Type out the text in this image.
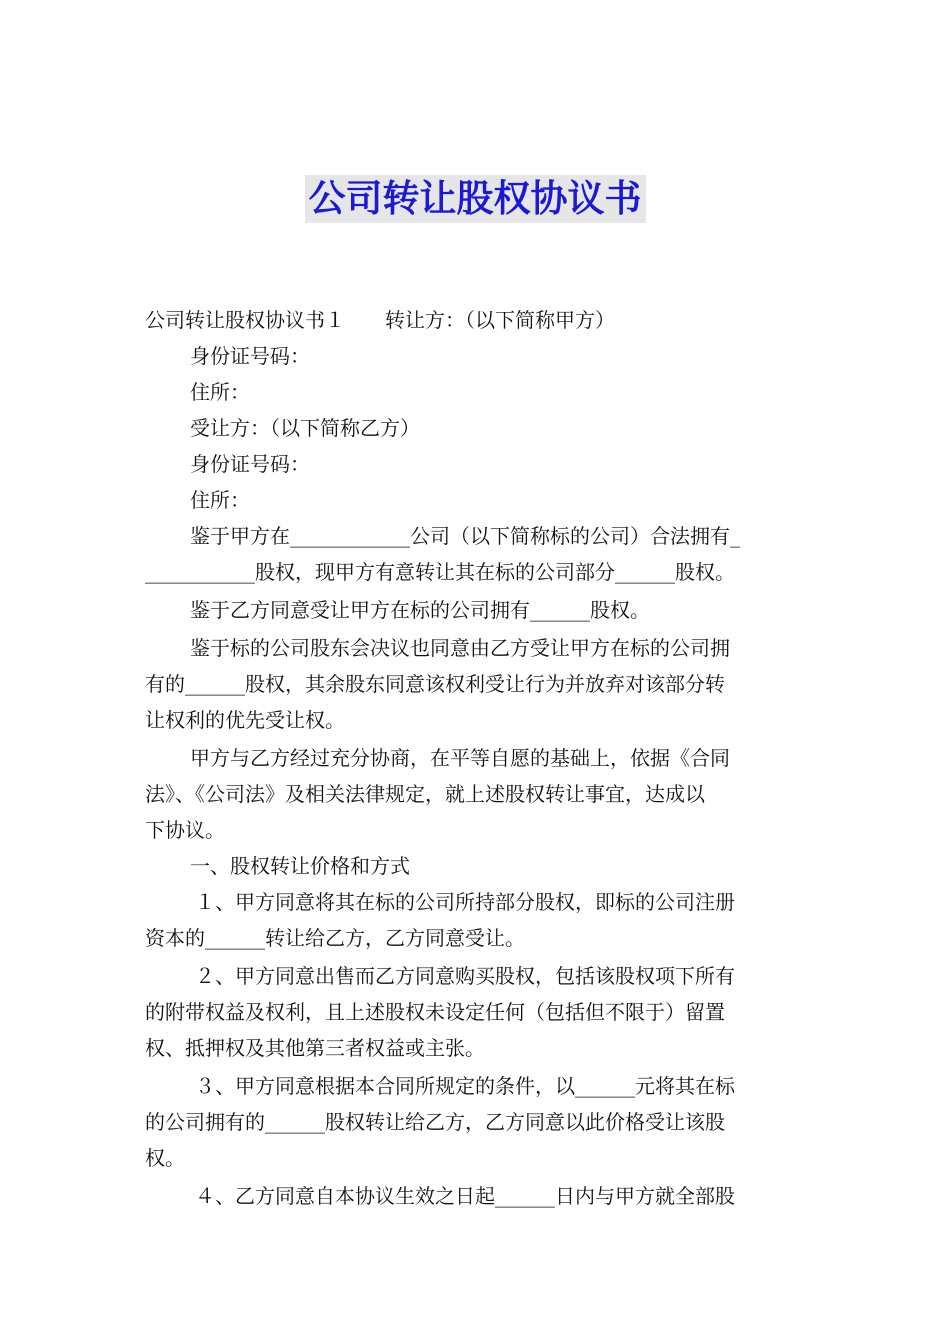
公司转让股权协议书
公司转让股权协议书１　　转让方：（以下简称甲方）
身份证号码：
住所：
受让方：（以下简称乙方）
身份证号码：
住所：
鉴于甲方在____________公司（以下简称标的公司）合法拥有_
___________股权，现甲方有意转让其在标的公司部分______股权。
鉴于乙方同意受让甲方在标的公司拥有______股权。
鉴于标的公司股东会决议也同意由乙方受让甲方在标的公司拥
有的______股权，其余股东同意该权利受让行为并放弃对该部分转
让权利的优先受让权。
甲方与乙方经过充分协商，在平等自愿的基础上，依据《合同
法》、《公司法》及相关法律规定，就上述股权转让事宜，达成以
下协议。
一、股权转让价格和方式
１、甲方同意将其在标的公司所持部分股权，即标的公司注册
资本的______转让给乙方，乙方同意受让。
２、甲方同意出售而乙方同意购买股权，包括该股权项下所有
的附带权益及权利，且上述股权未设定任何（包括但不限于）留置
权、抵押权及其他第三者权益或主张。
３、甲方同意根据本合同所规定的条件，以______元将其在标
的公司拥有的______股权转让给乙方，乙方同意以此价格受让该股
权。
４、乙方同意自本协议生效之日起______日内与甲方就全部股
